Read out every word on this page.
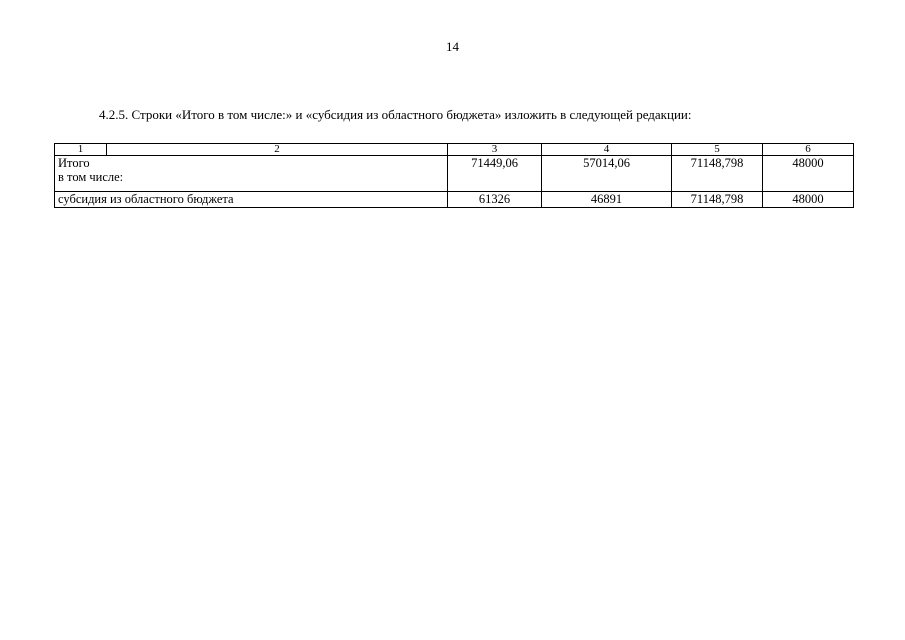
14
4.2.5. Строки «Итого в том числе:» и «субсидия из областного бюджета» изложить в следующей редакции:
1	2	3	4	5	6

Итого
в том числе:		71449,06	57014,06	71148,798	48000
субсидия из областного бюджета		61326	46891	71148,798	48000
